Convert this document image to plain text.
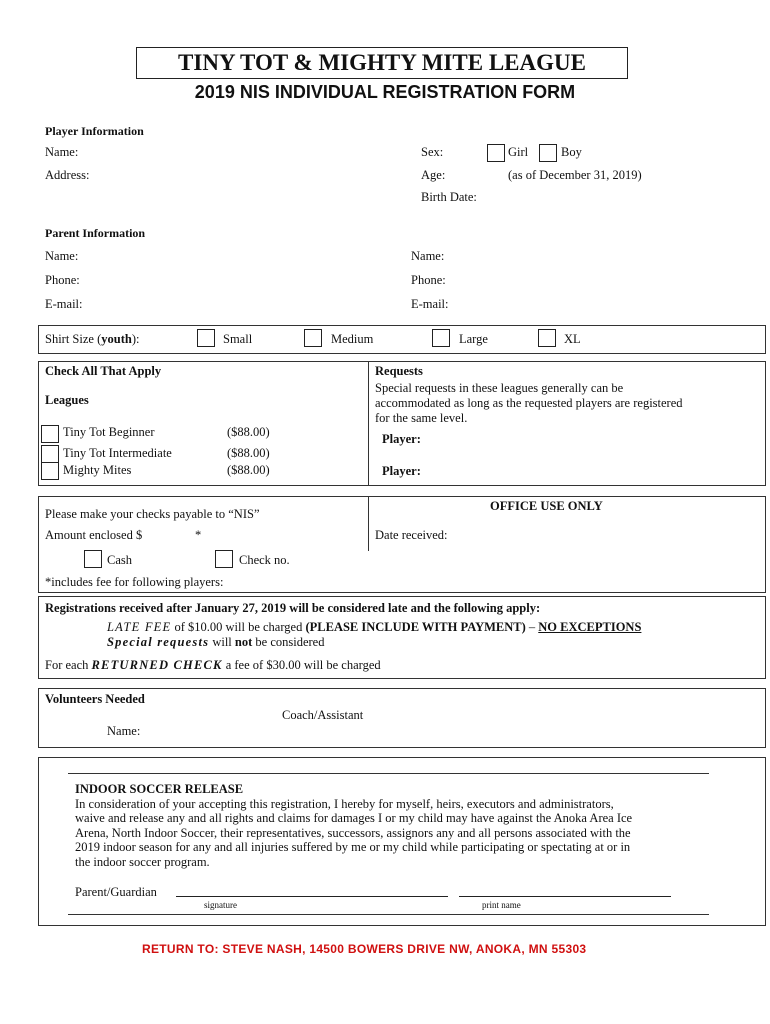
TINY TOT & MIGHTY MITE LEAGUE
2019 NIS INDIVIDUAL REGISTRATION FORM
Player Information
Name:
Address:
Sex:	Girl	Boy
Age:	(as of December 31, 2019)
Birth Date:
Parent Information
Name:
Phone:
E-mail:
Name:
Phone:
E-mail:
Shirt Size (youth):	Small	Medium	Large	XL
Check All That Apply
Leagues
Tiny Tot Beginner	($88.00)
Tiny Tot Intermediate	($88.00)
Mighty Mites	($88.00)
Requests
Special requests in these leagues generally can be
accommodated as long as the requested players are registered
for the same level.
Player:
Player:
OFFICE USE ONLY
Please make your checks payable to “NIS”
Amount enclosed $	*	Date received:
Cash	Check no.
*includes fee for following players:
Registrations received after January 27, 2019 will be considered late and the following apply:
LATE FEE of $10.00 will be charged (PLEASE INCLUDE WITH PAYMENT) – NO EXCEPTIONS
Special requests will not be considered
For each RETURNED CHECK a fee of $30.00 will be charged
Volunteers Needed
Coach/Assistant
Name:
INDOOR SOCCER RELEASE
In consideration of your accepting this registration, I hereby for myself, heirs, executors and administrators,
waive and release any and all rights and claims for damages I or my child may have against the Anoka Area Ice
Arena, North Indoor Soccer, their representatives, successors, assignors any and all persons associated with the
2019 indoor season for any and all injuries suffered by me or my child while participating or spectating at or in
the indoor soccer program.
Parent/Guardian
signature	print name
RETURN TO: STEVE NASH, 14500 BOWERS DRIVE NW, ANOKA, MN 55303
